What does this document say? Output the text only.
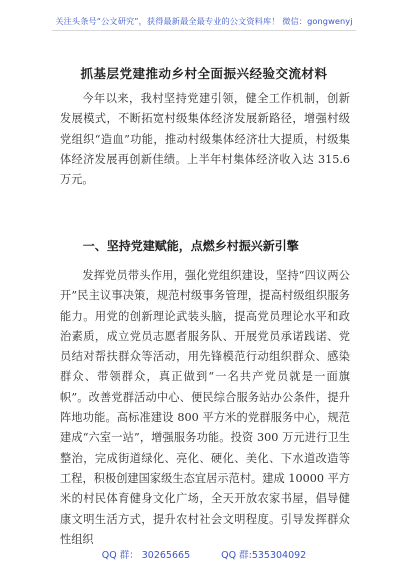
关注头条号“公文研究”，获得最新最全最专业的公文资料库！ 微信：gongwenyj
抓基层党建推动乡村全面振兴经验交流材料

今年以来，我村坚持党建引领，健全工作机制，创新发展模式，不断拓宽村级集体经济发展新路径，增强村级党组织“造血”功能，推动村级集体经济壮大提质，村级集体经济发展再创新佳绩。上半年村集体经济收入达 315.6 万元。

一、坚持党建赋能，点燃乡村振兴新引擎

发挥党员带头作用，强化党组织建设，坚持“四议两公开”民主议事决策，规范村级事务管理，提高村级组织服务能力。用党的创新理论武装头脑，提高党员理论水平和政治素质，成立党员志愿者服务队、开展党员承诺践诺、党员结对帮扶群众等活动，用先锋模范行动组织群众、感染群众、带领群众，真正做到“一名共产党员就是一面旗帜”。改善党群活动中心、便民综合服务站办公条件，提升阵地功能。高标准建设 800 平方米的党群服务中心，规范建成“六室一站”，增强服务功能。投资 300 万元进行卫生整治，完成街道绿化、亮化、硬化、美化、下水道改造等工程，积极创建国家级生态宜居示范村。建成 10000 平方米的村民体育健身文化广场，全天开放农家书屋，倡导健康文明生活方式，提升农村社会文明程度。引导发挥群众性组织

QQ 群： 30265665	QQ 群:535304092
